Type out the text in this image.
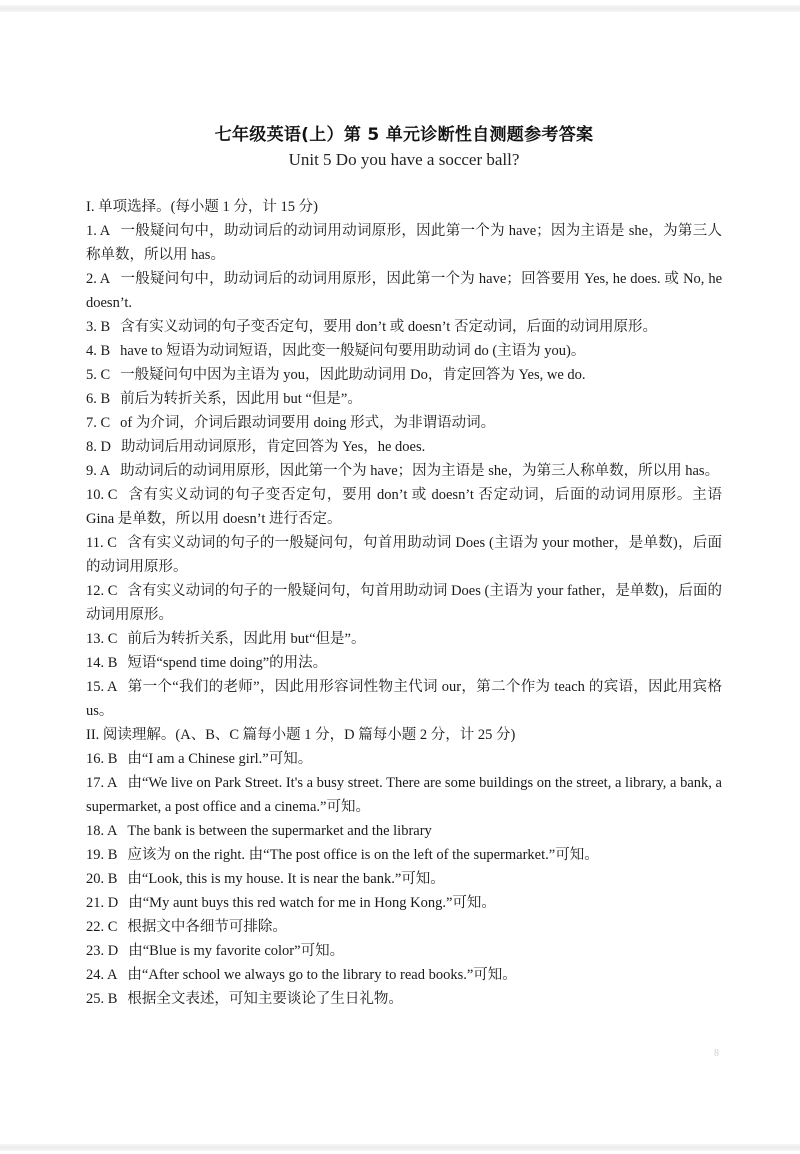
七年级英语(上）第 5 单元诊断性自测题参考答案
Unit 5 Do you have a soccer ball?
I. 单项选择。(每小题 1 分，计 15 分)
1. A 一般疑问句中，助动词后的动词用动词原形，因此第一个为 have；因为主语是 she，为第三人称单数，所以用 has。
2. A 一般疑问句中，助动词后的动词用原形，因此第一个为 have；回答要用 Yes, he does. 或 No, he doesn’t.
3. B 含有实义动词的句子变否定句，要用 don’t 或 doesn’t 否定动词，后面的动词用原形。
4. B have to 短语为动词短语，因此变一般疑问句要用助动词 do (主语为 you)。
5. C 一般疑问句中因为主语为 you，因此助动词用 Do，肯定回答为 Yes, we do.
6. B 前后为转折关系，因此用 but “但是”。
7. C of 为介词，介词后跟动词要用 doing 形式，为非谓语动词。
8. D 助动词后用动词原形，肯定回答为 Yes，he does.
9. A 助动词后的动词用原形，因此第一个为 have；因为主语是 she，为第三人称单数，所以用 has。
10. C 含有实义动词的句子变否定句，要用 don’t 或 doesn’t 否定动词，后面的动词用原形。主语 Gina 是单数，所以用 doesn’t 进行否定。
11. C 含有实义动词的句子的一般疑问句，句首用助动词 Does (主语为 your mother，是单数)，后面的动词用原形。
12. C 含有实义动词的句子的一般疑问句，句首用助动词 Does (主语为 your father，是单数)，后面的动词用原形。
13. C 前后为转折关系，因此用 but“但是”。
14. B 短语“spend time doing”的用法。
15. A 第一个“我们的老师”，因此用形容词性物主代词 our，第二个作为 teach 的宾语，因此用宾格 us。
II. 阅读理解。(A、B、C 篇每小题 1 分，D 篇每小题 2 分，计 25 分)
16. B 由“I am a Chinese girl.”可知。
17. A 由“We live on Park Street. It's a busy street. There are some buildings on the street, a library, a bank, a supermarket, a post office and a cinema.”可知。
18. A The bank is between the supermarket and the library
19. B 应该为 on the right. 由“The post office is on the left of the supermarket.”可知。
20. B 由“Look, this is my house. It is near the bank.”可知。
21. D 由“My aunt buys this red watch for me in Hong Kong.”可知。
22. C 根据文中各细节可排除。
23. D 由“Blue is my favorite color”可知。
24. A 由“After school we always go to the library to read books.”可知。
25. B 根据全文表述，可知主要谈论了生日礼物。
8
